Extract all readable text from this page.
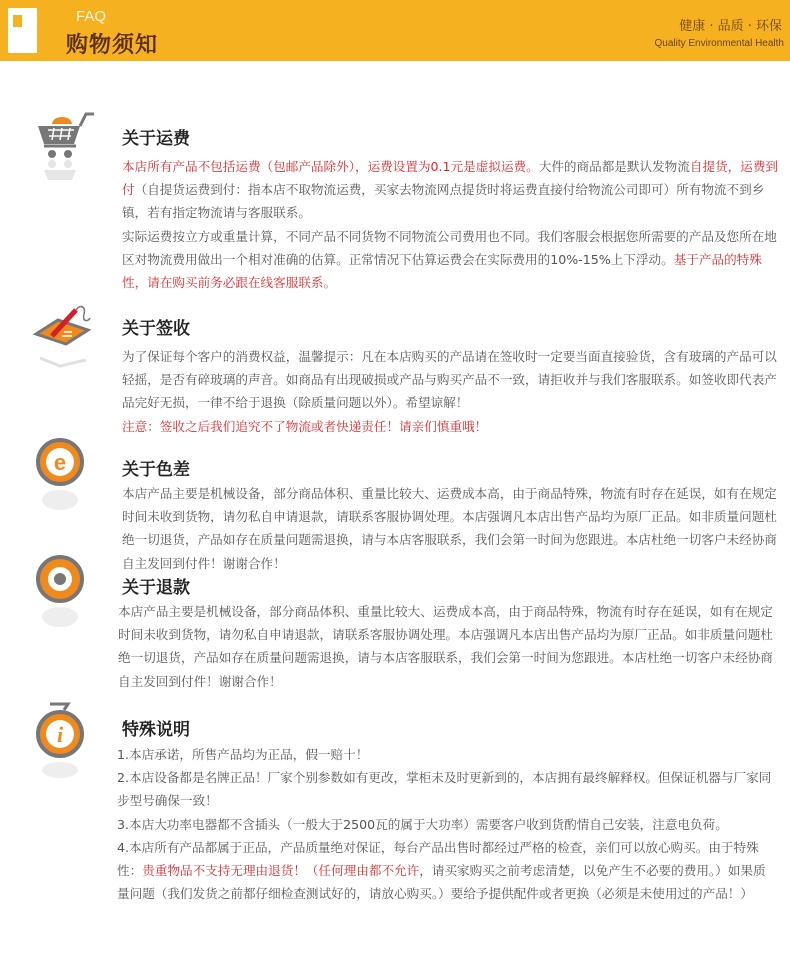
FAQ
购物须知
健康 · 品质 · 环保
Quality Environmental Health
关于运费
本店所有产品不包括运费（包邮产品除外），运费设置为0.1元是虚拟运费。大件的商品都是默认发物流自提货，运费到付（自提货运费到付：指本店不取物流运费，买家去物流网点提货时将运费直接付给物流公司即可）所有物流不到乡镇，若有指定物流请与客服联系。
实际运费按立方或重量计算，不同产品不同货物不同物流公司费用也不同。我们客服会根据您所需要的产品及您所在地区对物流费用做出一个相对准确的估算。正常情况下估算运费会在实际费用的10%-15%上下浮动。基于产品的特殊性，请在购买前务必跟在线客服联系。
关于签收
为了保证每个客户的消费权益，温馨提示：凡在本店购买的产品请在签收时一定要当面直接验货，含有玻璃的产品可以轻摇，是否有碎玻璃的声音。如商品有出现破损或产品与购买产品不一致，请拒收并与我们客服联系。如签收即代表产品完好无损，一律不给于退换（除质量问题以外）。希望谅解！
注意：签收之后我们追究不了物流或者快递责任！请亲们慎重哦！
e	关于色差
本店产品主要是机械设备，部分商品体积、重量比较大、运费成本高，由于商品特殊，物流有时存在延误，如有在规定时间未收到货物，请勿私自申请退款，请联系客服协调处理。本店强调凡本店出售产品均为原厂正品。如非质量问题杜绝一切退货，产品如存在质量问题需退换，请与本店客服联系，我们会第一时间为您跟进。本店杜绝一切客户未经协商自主发回到付件！谢谢合作！
关于退款
本店产品主要是机械设备，部分商品体积、重量比较大、运费成本高，由于商品特殊，物流有时存在延误，如有在规定时间未收到货物，请勿私自申请退款，请联系客服协调处理。本店强调凡本店出售产品均为原厂正品。如非质量问题杜绝一切退货，产品如存在质量问题需退换，请与本店客服联系，我们会第一时间为您跟进。本店杜绝一切客户未经协商自主发回到付件！谢谢合作！
i	特殊说明
1.本店承诺，所售产品均为正品，假一赔十！
2.本店设备都是名牌正品！厂家个别参数如有更改，掌柜未及时更新到的，本店拥有最终解释权。但保证机器与厂家同步型号确保一致！
3.本店大功率电器都不含插头（一般大于2500瓦的属于大功率）需要客户收到货酌情自己安装，注意电负荷。
4.本店所有产品都属于正品，产品质量绝对保证，每台产品出售时都经过严格的检查，亲们可以放心购买。由于特殊性：贵重物品不支持无理由退货！（任何理由都不允许，请买家购买之前考虑清楚，以免产生不必要的费用。）如果质量问题（我们发货之前都仔细检查测试好的，请放心购买。）要给予提供配件或者更换（必须是未使用过的产品！）
